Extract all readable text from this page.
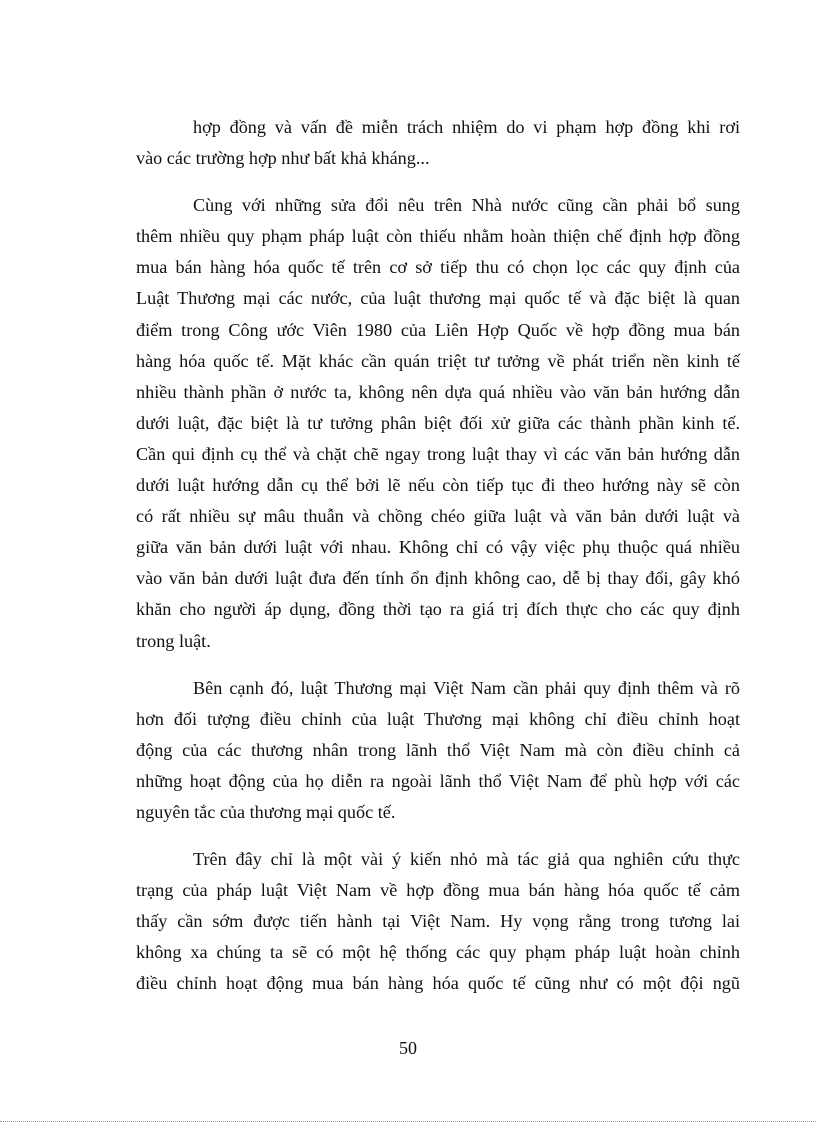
hợp đồng và vấn đề miễn trách nhiệm do vi phạm hợp đồng khi rơi
vào các trường hợp như bất khả kháng...
Cùng với những sửa đổi nêu trên Nhà nước cũng cần phải bổ sung
thêm nhiều quy phạm pháp luật còn thiếu nhằm hoàn thiện chế định hợp đồng
mua bán hàng hóa quốc tế trên cơ sở tiếp thu có chọn lọc các quy định của
Luật Thương mại các nước, của luật thương mại quốc tế và đặc biệt là quan
điểm trong Công ước Viên 1980 của Liên Hợp Quốc về hợp đồng mua bán
hàng hóa quốc tế. Mặt khác cần quán triệt tư tưởng về phát triển nền kinh tế
nhiều thành phần ở nước ta, không nên dựa quá nhiều vào văn bản hướng dẫn
dưới luật, đặc biệt là tư tưởng phân biệt đối xử giữa các thành phần kinh tế.
Cần qui định cụ thể và chặt chẽ ngay trong luật thay vì các văn bản hướng dẫn
dưới luật hướng dẫn cụ thể bởi lẽ nếu còn tiếp tục đi theo hướng này sẽ còn
có rất nhiều sự mâu thuẫn và chồng chéo giữa luật và văn bản dưới luật và
giữa văn bản dưới luật với nhau. Không chỉ có vậy việc phụ thuộc quá nhiều
vào văn bản dưới luật đưa đến tính ổn định không cao, dễ bị thay đổi, gây khó
khăn cho người áp dụng, đồng thời tạo ra giá trị đích thực cho các quy định
trong luật.
Bên cạnh đó, luật Thương mại Việt Nam cần phải quy định thêm và rõ
hơn đối tượng điều chỉnh của luật Thương mại không chỉ điều chỉnh hoạt
động của các thương nhân trong lãnh thổ Việt Nam mà còn điều chỉnh cả
những hoạt động của họ diễn ra ngoài lãnh thổ Việt Nam để phù hợp với các
nguyên tắc của thương mại quốc tế.
Trên đây chỉ là một vài ý kiến nhỏ mà tác giả qua nghiên cứu thực
trạng của pháp luật Việt Nam về hợp đồng mua bán hàng hóa quốc tế cảm
thấy cần sớm được tiến hành tại Việt Nam. Hy vọng rằng trong tương lai
không xa chúng ta sẽ có một hệ thống các quy phạm pháp luật hoàn chỉnh
điều chỉnh hoạt động mua bán hàng hóa quốc tế cũng như có một đội ngũ
50
